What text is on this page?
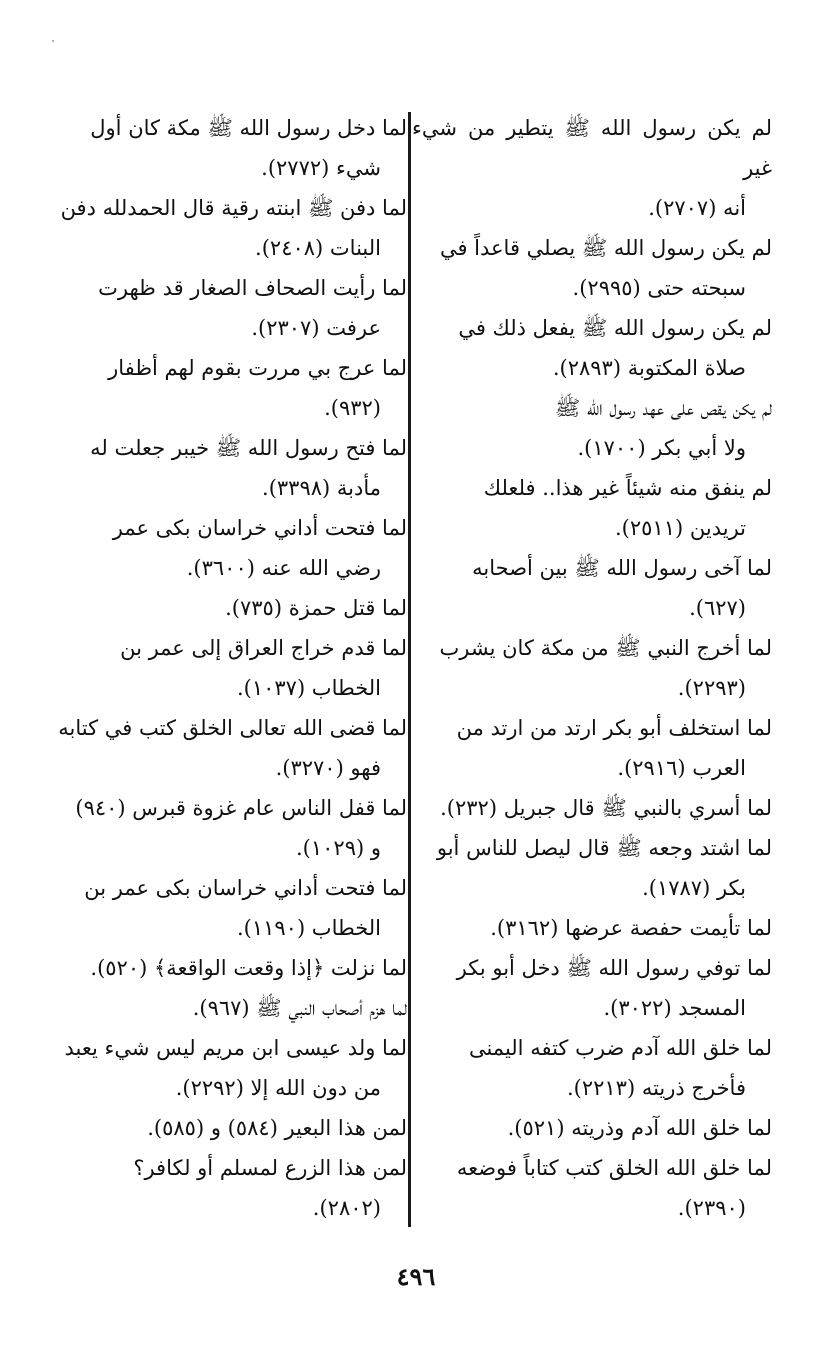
لم يكن رسول الله ﷺ يتطير من شيء غير
أنه (٢٧٠٧).
لم يكن رسول الله ﷺ يصلي قاعداً في
سبحته حتى (٢٩٩٥).
لم يكن رسول الله ﷺ يفعل ذلك في
صلاة المكتوبة (٢٨٩٣).
لم يكن يقص على عهد رسول الله ﷺ
ولا أبي بكر (١٧٠٠).
لم ينفق منه شيئاً غير هذا.. فلعلك
تريدين (٢٥١١).
لما آخى رسول الله ﷺ بين أصحابه
(٦٢٧).
لما أخرج النبي ﷺ من مكة كان يشرب
(٢٢٩٣).
لما استخلف أبو بكر ارتد من ارتد من
العرب (٢٩١٦).
لما أسري بالنبي ﷺ قال جبريل (٢٣٢).
لما اشتد وجعه ﷺ قال ليصل للناس أبو
بكر (١٧٨٧).
لما تأيمت حفصة عرضها (٣١٦٢).
لما توفي رسول الله ﷺ دخل أبو بكر
المسجد (٣٠٢٢).
لما خلق الله آدم ضرب كتفه اليمنى
فأخرج ذريته (٢٢١٣).
لما خلق الله آدم وذريته (٥٢١).
لما خلق الله الخلق كتب كتاباً فوضعه
(٢٣٩٠).
لما دخل رسول الله ﷺ مكة كان أول
شيء (٢٧٧٢).
لما دفن ﷺ ابنته رقية قال الحمدلله دفن
البنات (٢٤٠٨).
لما رأيت الصحاف الصغار قد ظهرت
عرفت (٢٣٠٧).
لما عرج بي مررت بقوم لهم أظفار
(٩٣٢).
لما فتح رسول الله ﷺ خيبر جعلت له
مأدبة (٣٣٩٨).
لما فتحت أداني خراسان بكى عمر
رضي الله عنه (٣٦٠٠).
لما قتل حمزة (٧٣٥).
لما قدم خراج العراق إلى عمر بن
الخطاب (١٠٣٧).
لما قضى الله تعالى الخلق كتب في كتابه
فهو (٣٢٧٠).
لما قفل الناس عام غزوة قبرس (٩٤٠)
و (١٠٢٩).
لما فتحت أداني خراسان بكى عمر بن
الخطاب (١١٩٠).
لما نزلت ﴿إذا وقعت الواقعة﴾ (٥٢٠).
لما هزم أصحاب النبي ﷺ (٩٦٧).
لما ولد عيسى ابن مريم ليس شيء يعبد
من دون الله إلا (٢٢٩٢).
لمن هذا البعير (٥٨٤) و (٥٨٥).
لمن هذا الزرع لمسلم أو لكافر؟
(٢٨٠٢).
٤٩٦
